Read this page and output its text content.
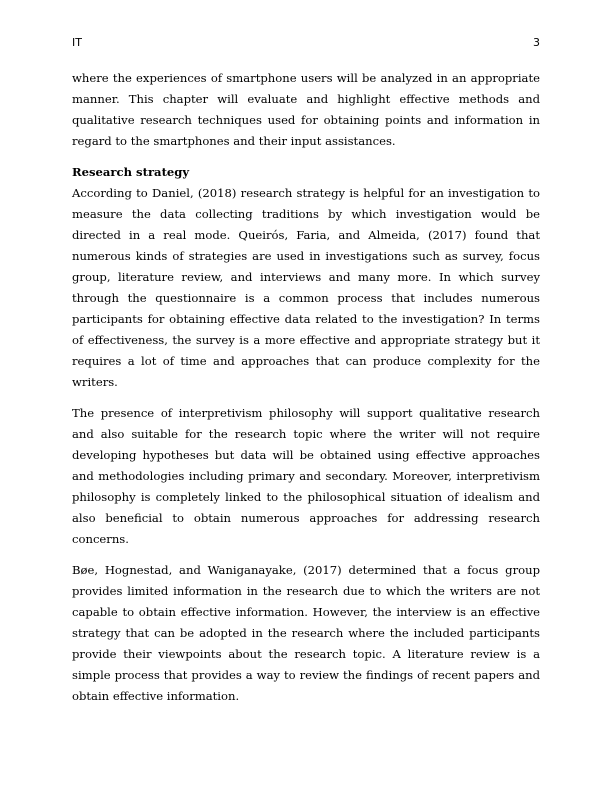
IT	3

where the experiences of smartphone users will be analyzed in an appropriate manner. This chapter will evaluate and highlight effective methods and qualitative research techniques used for obtaining points and information in regard to the smartphones and their input assistances.

Research strategy

According to Daniel, (2018) research strategy is helpful for an investigation to measure the data collecting traditions by which investigation would be directed in a real mode. Queirós, Faria, and Almeida, (2017) found that numerous kinds of strategies are used in investigations such as survey, focus group, literature review, and interviews and many more. In which survey through the questionnaire is a common process that includes numerous participants for obtaining effective data related to the investigation? In terms of effectiveness, the survey is a more effective and appropriate strategy but it requires a lot of time and approaches that can produce complexity for the writers.

The presence of interpretivism philosophy will support qualitative research and also suitable for the research topic where the writer will not require developing hypotheses but data will be obtained using effective approaches and methodologies including primary and secondary. Moreover, interpretivism philosophy is completely linked to the philosophical situation of idealism and also beneficial to obtain numerous approaches for addressing research concerns.

Bøe, Hognestad, and Waniganayake, (2017) determined that a focus group provides limited information in the research due to which the writers are not capable to obtain effective information. However, the interview is an effective strategy that can be adopted in the research where the included participants provide their viewpoints about the research topic. A literature review is a simple process that provides a way to review the findings of recent papers and obtain effective information.
